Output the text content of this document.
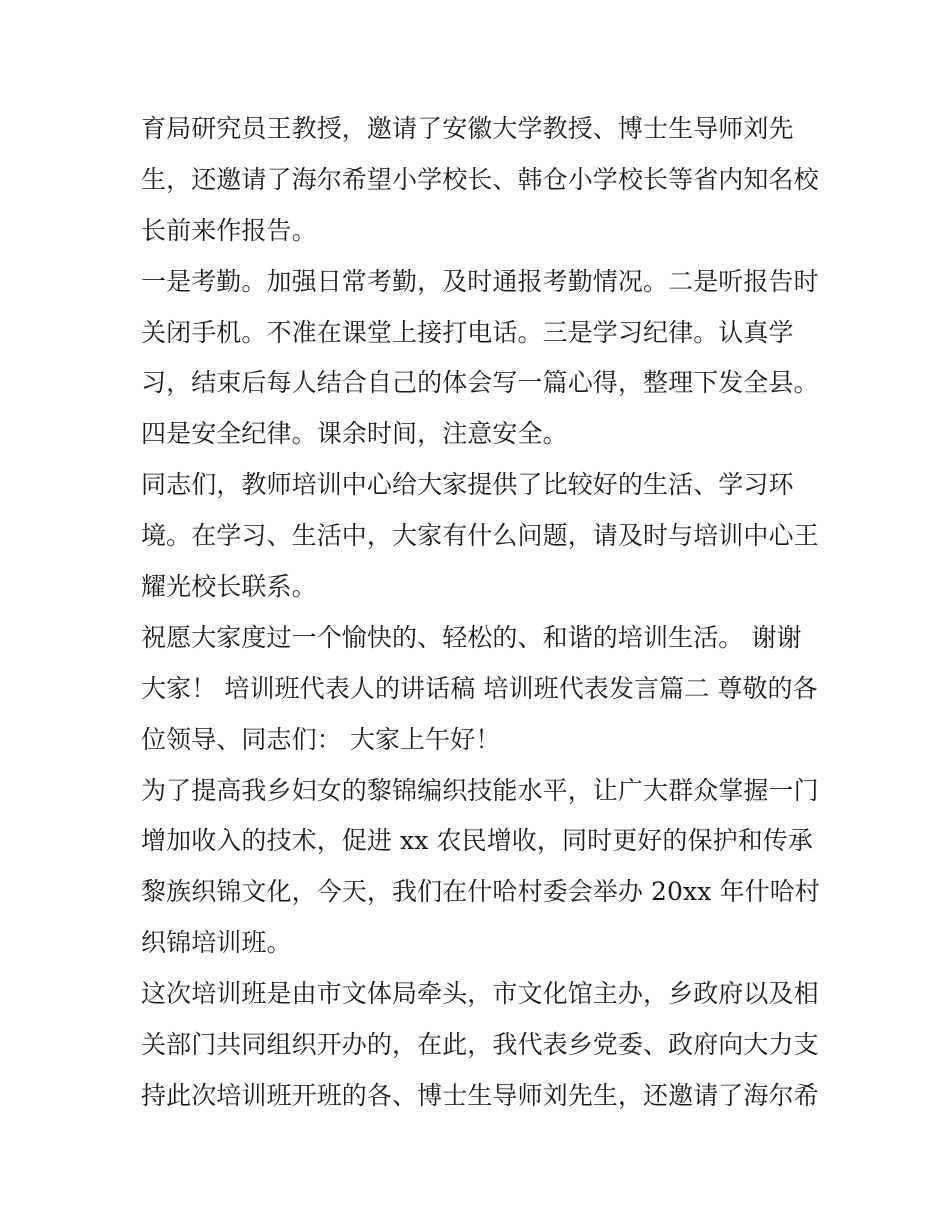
育局研究员王教授，邀请了安徽大学教授、博士生导师刘先
生，还邀请了海尔希望小学校长、韩仓小学校长等省内知名校
长前来作报告。

一是考勤。加强日常考勤，及时通报考勤情况。二是听报告时
关闭手机。不准在课堂上接打电话。三是学习纪律。认真学
习，结束后每人结合自己的体会写一篇心得，整理下发全县。
四是安全纪律。课余时间，注意安全。

同志们，教师培训中心给大家提供了比较好的生活、学习环
境。在学习、生活中，大家有什么问题，请及时与培训中心王
耀光校长联系。

祝愿大家度过一个愉快的、轻松的、和谐的培训生活。 谢谢
大家！ 培训班代表人的讲话稿 培训班代表发言篇二 尊敬的各
位领导、同志们： 大家上午好！

为了提高我乡妇女的黎锦编织技能水平，让广大群众掌握一门
增加收入的技术，促进 xx 农民增收，同时更好的保护和传承
黎族织锦文化，今天，我们在什哈村委会举办 20xx 年什哈村
织锦培训班。

这次培训班是由市文体局牵头，市文化馆主办，乡政府以及相
关部门共同组织开办的，在此，我代表乡党委、政府向大力支
持此次培训班开班的各、博士生导师刘先生，还邀请了海尔希
